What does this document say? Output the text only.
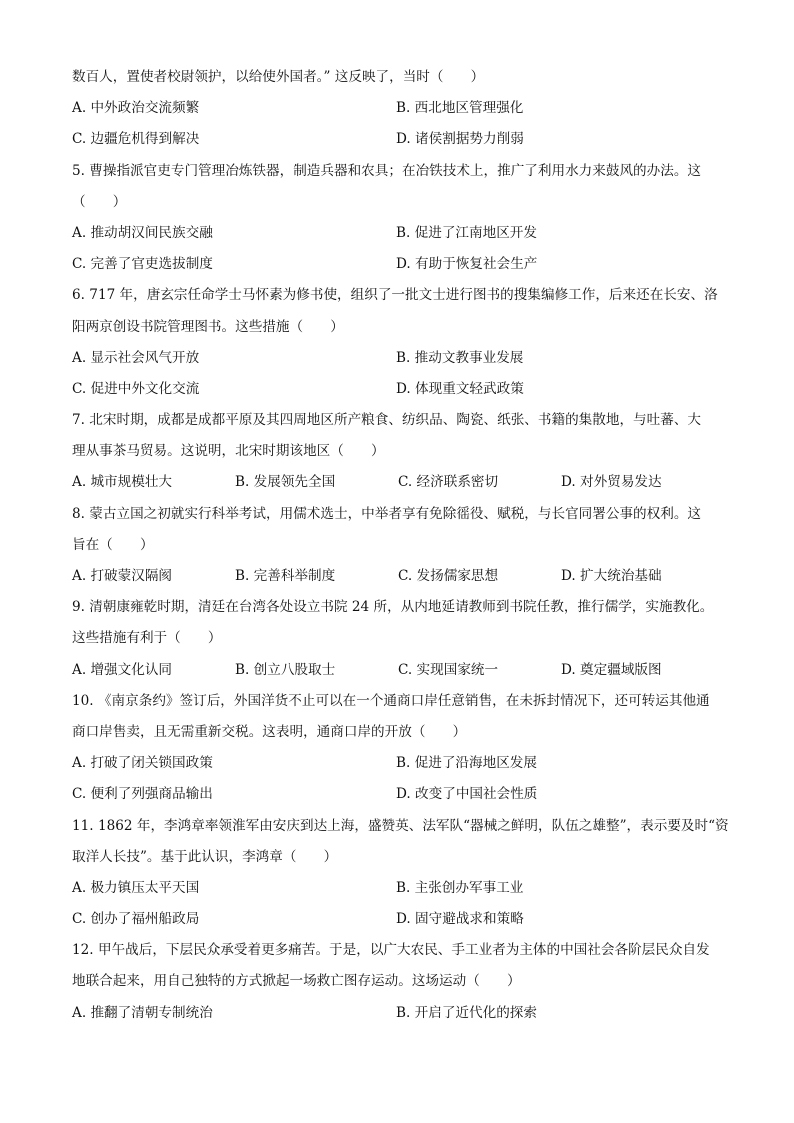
数百人，置使者校尉领护，以给使外国者。” 这反映了，当时（　　）
A. 中外政治交流频繁	B. 西北地区管理强化
C. 边疆危机得到解决	D. 诸侯割据势力削弱
5. 曹操指派官吏专门管理冶炼铁器，制造兵器和农具；在冶铁技术上，推广了利用水力来鼓风的办法。这
（　　）
A. 推动胡汉间民族交融	B. 促进了江南地区开发
C. 完善了官吏选拔制度	D. 有助于恢复社会生产
6. 717 年，唐玄宗任命学士马怀素为修书使，组织了一批文士进行图书的搜集编修工作，后来还在长安、洛
阳两京创设书院管理图书。这些措施（　　）
A. 显示社会风气开放	B. 推动文教事业发展
C. 促进中外文化交流	D. 体现重文轻武政策
7. 北宋时期，成都是成都平原及其四周地区所产粮食、纺织品、陶瓷、纸张、书籍的集散地，与吐蕃、大
理从事茶马贸易。这说明，北宋时期该地区（　　）
A. 城市规模壮大	B. 发展领先全国	C. 经济联系密切	D. 对外贸易发达
8. 蒙古立国之初就实行科举考试，用儒术选士，中举者享有免除徭役、赋税，与长官同署公事的权利。这
旨在（　　）
A. 打破蒙汉隔阂	B. 完善科举制度	C. 发扬儒家思想	D. 扩大统治基础
9. 清朝康雍乾时期，清廷在台湾各处设立书院 24 所，从内地延请教师到书院任教，推行儒学，实施教化。
这些措施有利于（　　）
A. 增强文化认同	B. 创立八股取士	C. 实现国家统一	D. 奠定疆域版图
10. 《南京条约》签订后，外国洋货不止可以在一个通商口岸任意销售，在未拆封情况下，还可转运其他通
商口岸售卖，且无需重新交税。这表明，通商口岸的开放（　　）
A. 打破了闭关锁国政策	B. 促进了沿海地区发展
C. 便利了列强商品输出	D. 改变了中国社会性质
11. 1862 年，李鸿章率领淮军由安庆到达上海，盛赞英、法军队“器械之鲜明，队伍之雄整”，表示要及时“资
取洋人长技”。基于此认识，李鸿章（　　）
A. 极力镇压太平天国	B. 主张创办军事工业
C. 创办了福州船政局	D. 固守避战求和策略
12. 甲午战后，下层民众承受着更多痛苦。于是，以广大农民、手工业者为主体的中国社会各阶层民众自发
地联合起来，用自己独特的方式掀起一场救亡图存运动。这场运动（　　）
A. 推翻了清朝专制统治	B. 开启了近代化的探索
